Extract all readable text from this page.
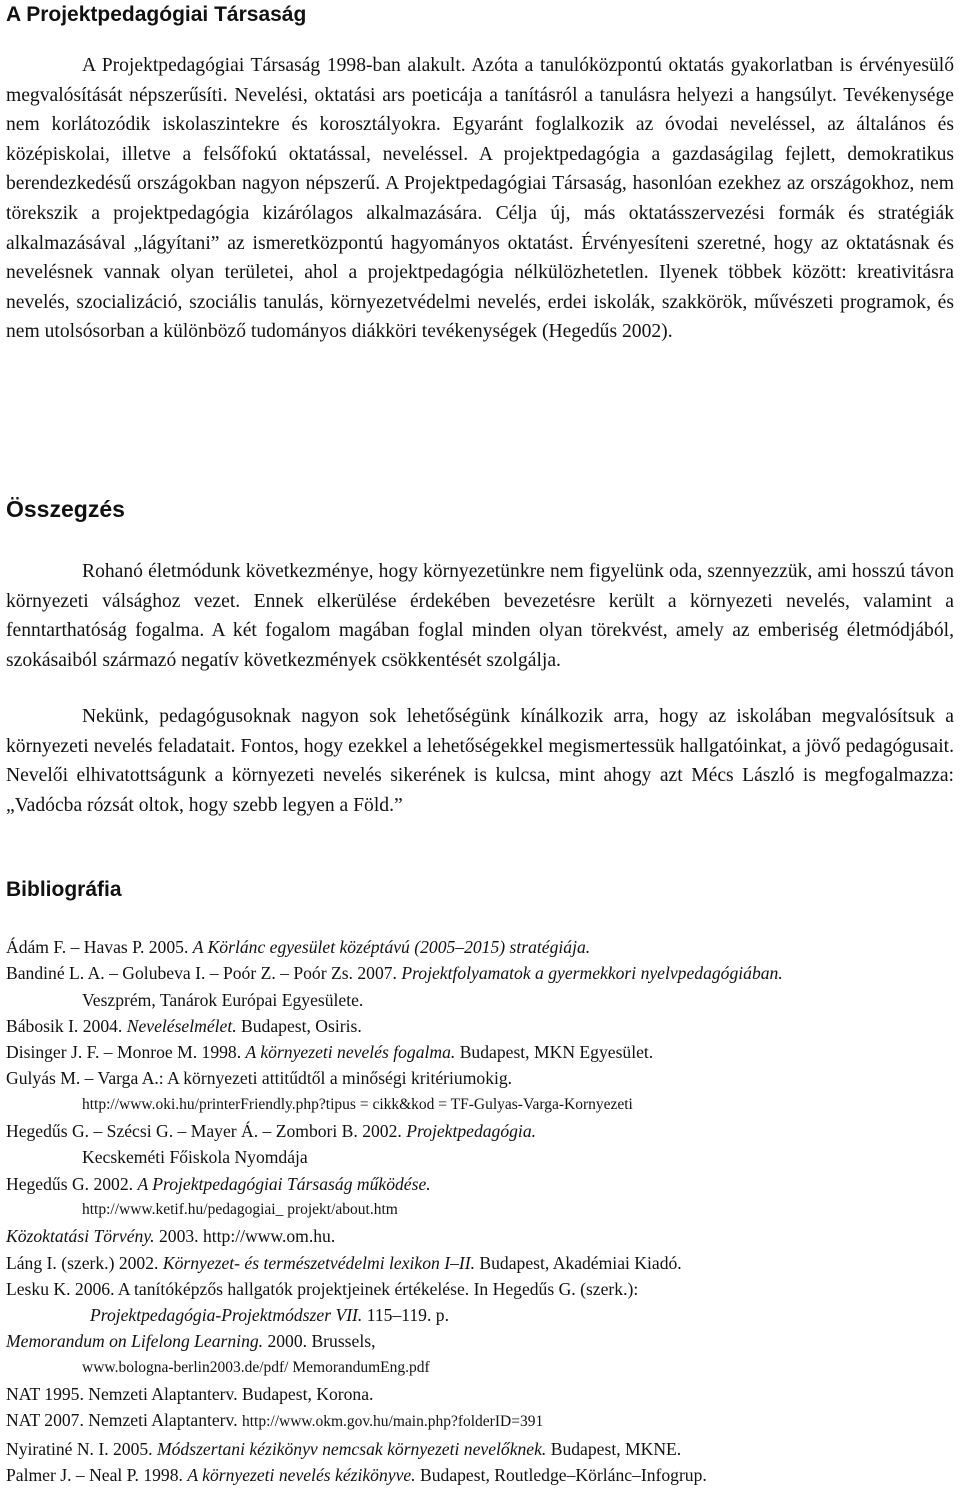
A Projektpedagógiai Társaság

A Projektpedagógiai Társaság 1998-ban alakult. Azóta a tanulóközpontú oktatás gyakorlatban is érvényesülő megvalósítását népszerűsíti. Nevelési, oktatási ars poeticája a tanításról a tanulásra helyezi a hangsúlyt. Tevékenysége nem korlátozódik iskolaszintekre és korosztályokra. Egyaránt foglalkozik az óvodai neveléssel, az általános és középiskolai, illetve a felsőfokú oktatással, neveléssel. A projektpedagógia a gazdaságilag fejlett, demokratikus berendezkedésű országokban nagyon népszerű. A Projektpedagógiai Társaság, hasonlóan ezekhez az országokhoz, nem törekszik a projektpedagógia kizárólagos alkalmazására. Célja új, más oktatásszervezési formák és stratégiák alkalmazásával „lágyítani” az ismeretközpontú hagyományos oktatást. Érvényesíteni szeretné, hogy az oktatásnak és nevelésnek vannak olyan területei, ahol a projektpedagógia nélkülözhetetlen. Ilyenek többek között: kreativitásra nevelés, szocializáció, szociális tanulás, környezetvédelmi nevelés, erdei iskolák, szakkörök, művészeti programok, és nem utolsósorban a különböző tudományos diákköri tevékenységek (Hegedűs 2002).

Összegzés

Rohanó életmódunk következménye, hogy környezetünkre nem figyelünk oda, szennyezzük, ami hosszú távon környezeti válsághoz vezet. Ennek elkerülése érdekében bevezetésre került a környezeti nevelés, valamint a fenntarthatóság fogalma. A két fogalom magában foglal minden olyan törekvést, amely az emberiség életmódjából, szokásaiból származó negatív következmények csökkentését szolgálja.

Nekünk, pedagógusoknak nagyon sok lehetőségünk kínálkozik arra, hogy az iskolában megvalósítsuk a környezeti nevelés feladatait. Fontos, hogy ezekkel a lehetőségekkel megismertessük hallgatóinkat, a jövő pedagógusait. Nevelői elhivatottságunk a környezeti nevelés sikerének is kulcsa, mint ahogy azt Mécs László is megfogalmazza: „Vadócba rózsát oltok, hogy szebb legyen a Föld.”

Bibliográfia
Ádám F. – Havas P. 2005. A Körlánc egyesület középtávú (2005–2015) stratégiája.
Bandiné L. A. – Golubeva I. – Poór Z. – Poór Zs. 2007. Projektfolyamatok a gyermekkori nyelvpedagógiában.
Veszprém, Tanárok Európai Egyesülete.
Bábosik I. 2004. Neveléselmélet. Budapest, Osiris.
Disinger J. F. – Monroe M. 1998. A környezeti nevelés fogalma. Budapest, MKN Egyesület.
Gulyás M. – Varga A.: A környezeti attitűdtől a minőségi kritériumokig.
http://www.oki.hu/printerFriendly.php?tipus = cikk&kod = TF-Gulyas-Varga-Kornyezeti
Hegedűs G. – Szécsi G. – Mayer Á. – Zombori B. 2002. Projektpedagógia.
Kecskeméti Főiskola Nyomdája
Hegedűs G. 2002. A Projektpedagógiai Társaság működése.
http://www.ketif.hu/pedagogiai_ projekt/about.htm
Közoktatási Törvény. 2003. http://www.om.hu.
Láng I. (szerk.) 2002. Környezet- és természetvédelmi lexikon I–II. Budapest, Akadémiai Kiadó.
Lesku K. 2006. A tanítóképzős hallgatók projektjeinek értékelése. In Hegedűs G. (szerk.):
Projektpedagógia-Projektmódszer VII. 115–119. p.
Memorandum on Lifelong Learning. 2000. Brussels,
www.bologna-berlin2003.de/pdf/ MemorandumEng.pdf
NAT 1995. Nemzeti Alaptanterv. Budapest, Korona.
NAT 2007. Nemzeti Alaptanterv. http://www.okm.gov.hu/main.php?folderID=391
Nyiratiné N. I. 2005. Módszertani kézikönyv nemcsak környezeti nevelőknek. Budapest, MKNE.
Palmer J. – Neal P. 1998. A környezeti nevelés kézikönyve. Budapest, Routledge–Körlánc–Infogrup.
